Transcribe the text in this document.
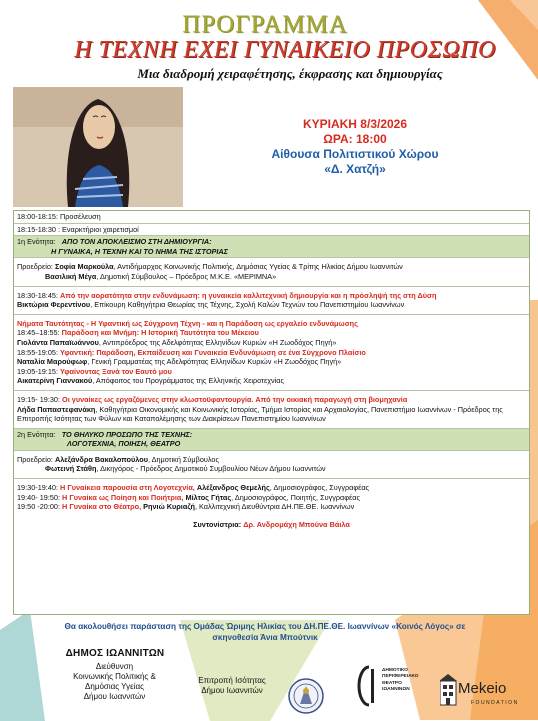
ΠΡΟΓΡΑΜΜΑ
Η ΤΕΧΝΗ ΕΧΕΙ ΓΥΝΑΙΚΕΙΟ ΠΡΟΣΩΠΟ
Μια διαδρομή χειραφέτησης, έκφρασης και δημιουργίας
ΚΥΡΙΑΚΗ 8/3/2026
ΩΡΑ: 18:00
Αίθουσα Πολιτιστικού Χώρου
«Δ. Χατζή»
18:00-18:15: Προσέλευση
18:15-18:30 : Εναρκτήριοι χαιρετισμοί
1η Ενότητα: ΑΠΟ ΤΟΝ ΑΠΟΚΛΕΙΣΜΟ ΣΤΗ ΔΗΜΙΟΥΡΓΙΑ:
Η ΓΥΝΑΙΚΑ, Η ΤΕΧΝΗ ΚΑΙ ΤΟ ΝΗΜΑ ΤΗΣ ΙΣΤΟΡΙΑΣ
Προεδρείο: Σοφία Μαρκούλα, Αντιδήμαρχος Κοινωνικής Πολιτικής, Δημόσιας Υγείας & Τρίτης Ηλικίας Δήμου Ιωαννιτών
Βασιλική Μέγα, Δημοτική Σύμβουλος – Πρόεδρος Μ.Κ.Ε. «ΜΕΡΙΜΝΑ»
18:30-18:45: Από την αορατότητα στην ενδυνάμωση: η γυναικεία καλλιτεχνική δημιουργία και η πρόσληψή της στη Δύση
Βικτώρια Φερεντίνου, Επίκουρη Καθηγήτρια Θεωρίας της Τέχνης, Σχολή Καλών Τεχνών του Πανεπιστημίου Ιωαννίνων
Νήματα Ταυτότητας - Η Υφαντική ως Σύγχρονη Τέχνη - και η Παράδοση ως εργαλείο ενδυνάμωσης
18:45–18:55: Παράδοση και Μνήμη: Η Ιστορική Ταυτότητα του Μέκειου
Γιολάντα Παπαϊωάννου, Αντιπρόεδρος της Αδελφότητας Ελληνίδων Κυριών «Η Ζωοδόχος Πηγή»
18:55-19:05: Υφαντική: Παράδοση, Εκπαίδευση και Γυναικεία Ενδυνάμωση σε ένα Σύγχρονο Πλαίσιο
Ναταλία Μαρούφωφ, Γενική Γραμματέας της Αδελφότητας Ελληνίδων Κυριών «Η Ζωοδόχος Πηγή»
19:05-19:15: Υφαίνοντας Ξανά τον Εαυτό μου
Αικατερίνη Γιαννακού, Απόφοιτος του Προγράμματος της Ελληνικής Χειροτεχνίας
19:15- 19:30: Οι γυναίκες ως εργαζόμενες στην κλωστοϋφαντουργία. Από την οικιακή παραγωγή στη βιομηχανία
Λήδα Παπαστεφανάκη, Καθηγήτρια Οικονομικής και Κοινωνικής Ιστορίας, Τμήμα Ιστορίας και Αρχαιολογίας, Πανεπιστήμιο Ιωαννίνων - Πρόεδρος της Επιτροπής Ισότητας των Φύλων και Καταπολέμησης των Διακρίσεων Πανεπιστημίου Ιωαννίνων
2η Ενότητα: ΤΟ ΘΗΛΥΚΟ ΠΡΟΣΩΠΟ ΤΗΣ ΤΕΧΝΗΣ:
ΛΟΓΟΤΕΧΝΙΑ, ΠΟΙΗΣΗ, ΘΕΑΤΡΟ
Προεδρείο: Αλεξάνδρα Βακαλοπούλου, Δημοτική Σύμβουλος
Φωτεινή Στάθη, Δικηγόρος - Πρόεδρος Δημοτικού Συμβουλίου Νέων Δήμου Ιωαννιτών
19:30-19:40: Η Γυναίκεια παρουσία στη Λογοτεχνία, Αλέξανδρος Θεμελής, Δημοσιογράφος, Συγγραφέας
19:40- 19:50: Η Γυναίκα ως Ποίηση και Ποιήτρια, Μίλτος Γήτας, Δημοσιογράφος, Ποιητής, Συγγραφέας
19:50 -20:00: Η Γυναίκα στο Θέατρο, Ρηνιώ Κυριαζή, Καλλιτεχνική Διευθύντρια ΔΗ.ΠΕ.ΘΕ. Ιωαννίνων
Συντονίστρια: Δρ. Ανδρομάχη Μπούνα Βάιλα
Θα ακολουθήσει παράσταση της Ομάδας Ώριμης Ηλικίας του ΔΗ.ΠΕ.ΘΕ. Ιωαννίνων «Κοινός Λόγος» σε
σκηνοθεσία Άνια Μπούτνικ
ΔΗΜΟΣ ΙΩΑΝΝΙΤΩΝ
Διεύθυνση
Κοινωνικής Πολιτικής &
Δημόσιας Υγείας
Δήμου Ιωαννιτών
Επιτροπή Ισότητας
Δήμου Ιωαννιτών
ΔΗΜΟΤΙΚΟ
ΠΕΡΙΦΕΡΕΙΑΚΟ
ΘΕΑΤΡΟ
ΙΩΑΝΝΙΝΩΝ	Mekeio
FOUNDATION
